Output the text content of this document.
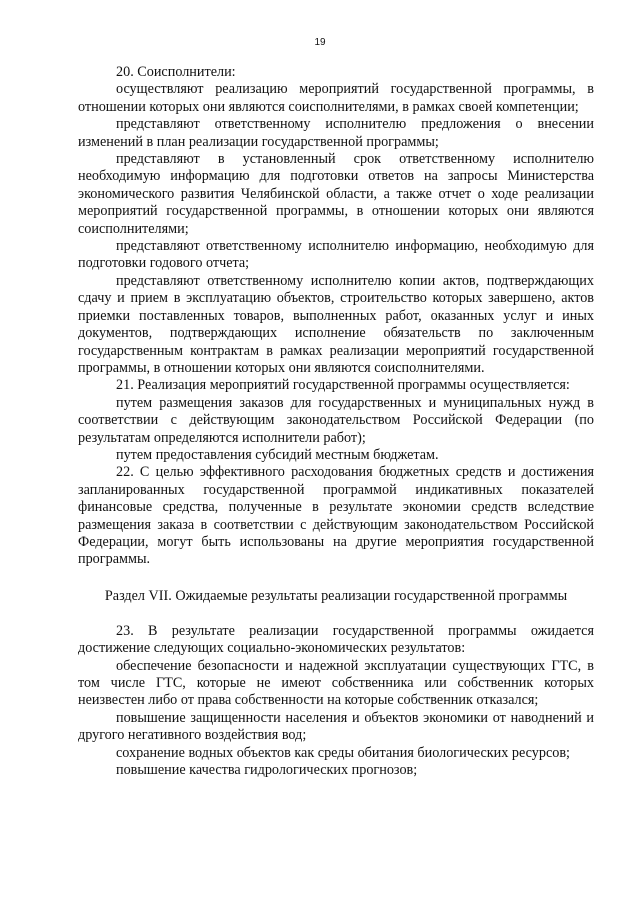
19

20. Соисполнители:

осуществляют реализацию мероприятий государственной программы, в отношении которых они являются соисполнителями, в рамках своей компетенции;

представляют ответственному исполнителю предложения о внесении изменений в план реализации государственной программы;

представляют в установленный срок ответственному исполнителю необходимую информацию для подготовки ответов на запросы Министерства экономического развития Челябинской области, а также отчет о ходе реализации мероприятий государственной программы, в отношении которых они являются соисполнителями;

представляют ответственному исполнителю информацию, необходимую для подготовки годового отчета;

представляют ответственному исполнителю копии актов, подтверждающих сдачу и прием в эксплуатацию объектов, строительство которых завершено, актов приемки поставленных товаров, выполненных работ, оказанных услуг и иных документов, подтверждающих исполнение обязательств по заключенным государственным контрактам в рамках реализации мероприятий государственной программы, в отношении которых они являются соисполнителями.

21. Реализация мероприятий государственной программы осуществляется:

путем размещения заказов для государственных и муниципальных нужд в соответствии с действующим законодательством Российской Федерации (по результатам определяются исполнители работ);

путем предоставления субсидий местным бюджетам.

22. С целью эффективного расходования бюджетных средств и достижения запланированных государственной программой индикативных показателей финансовые средства, полученные в результате экономии средств вследствие размещения заказа в соответствии с действующим законодательством Российской Федерации, могут быть использованы на другие мероприятия государственной программы.

Раздел VII. Ожидаемые результаты реализации государственной программы

23. В результате реализации государственной программы ожидается достижение следующих социально-экономических результатов:

обеспечение безопасности и надежной эксплуатации существующих ГТС, в том числе ГТС, которые не имеют собственника или собственник которых неизвестен либо от права собственности на которые собственник отказался;

повышение защищенности населения и объектов экономики от наводнений и другого негативного воздействия вод;

сохранение водных объектов как среды обитания биологических ресурсов;

повышение качества гидрологических прогнозов;
